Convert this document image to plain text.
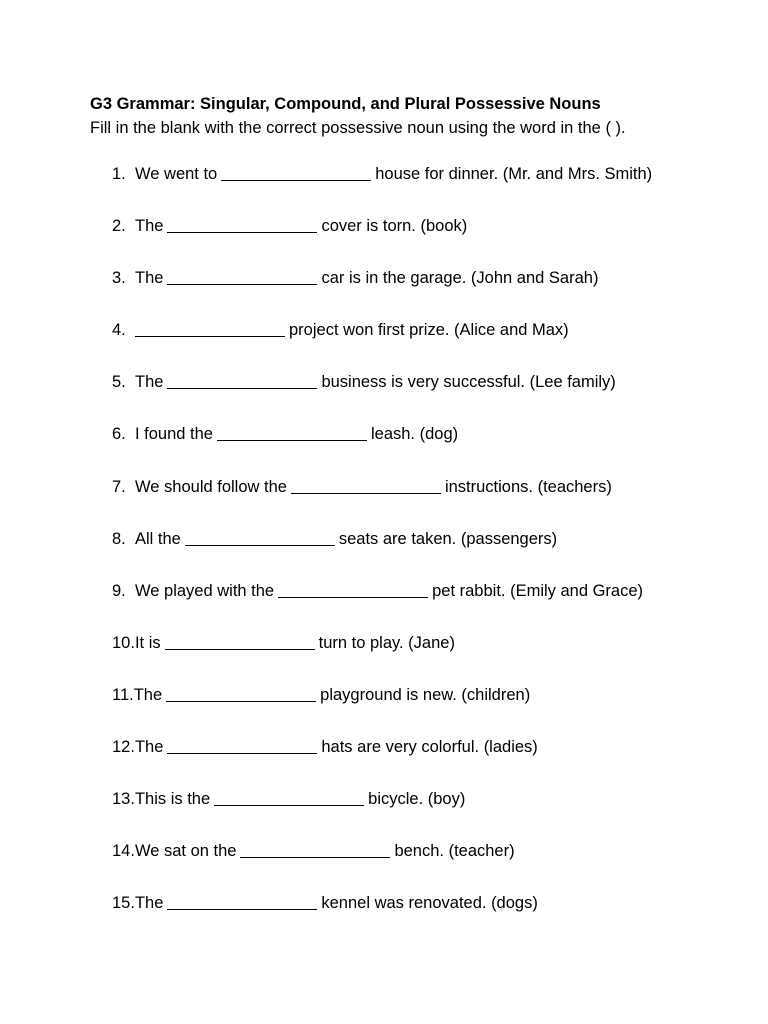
G3 Grammar: Singular, Compound, and Plural Possessive Nouns
Fill in the blank with the correct possessive noun using the word in the ( ).
1. We went to	house for dinner. (Mr. and Mrs. Smith)
2. The	cover is torn. (book)
3. The	car is in the garage. (John and Sarah)
4.	project won first prize. (Alice and Max)
5. The	business is very successful. (Lee family)
6. I found the	leash. (dog)
7. We should follow the	instructions. (teachers)
8. All the	seats are taken. (passengers)
9. We played with the	pet rabbit. (Emily and Grace)
10. It is	turn to play. (Jane)
11. The	playground is new. (children)
12. The	hats are very colorful. (ladies)
13. This is the	bicycle. (boy)
14. We sat on the	bench. (teacher)
15. The	kennel was renovated. (dogs)
